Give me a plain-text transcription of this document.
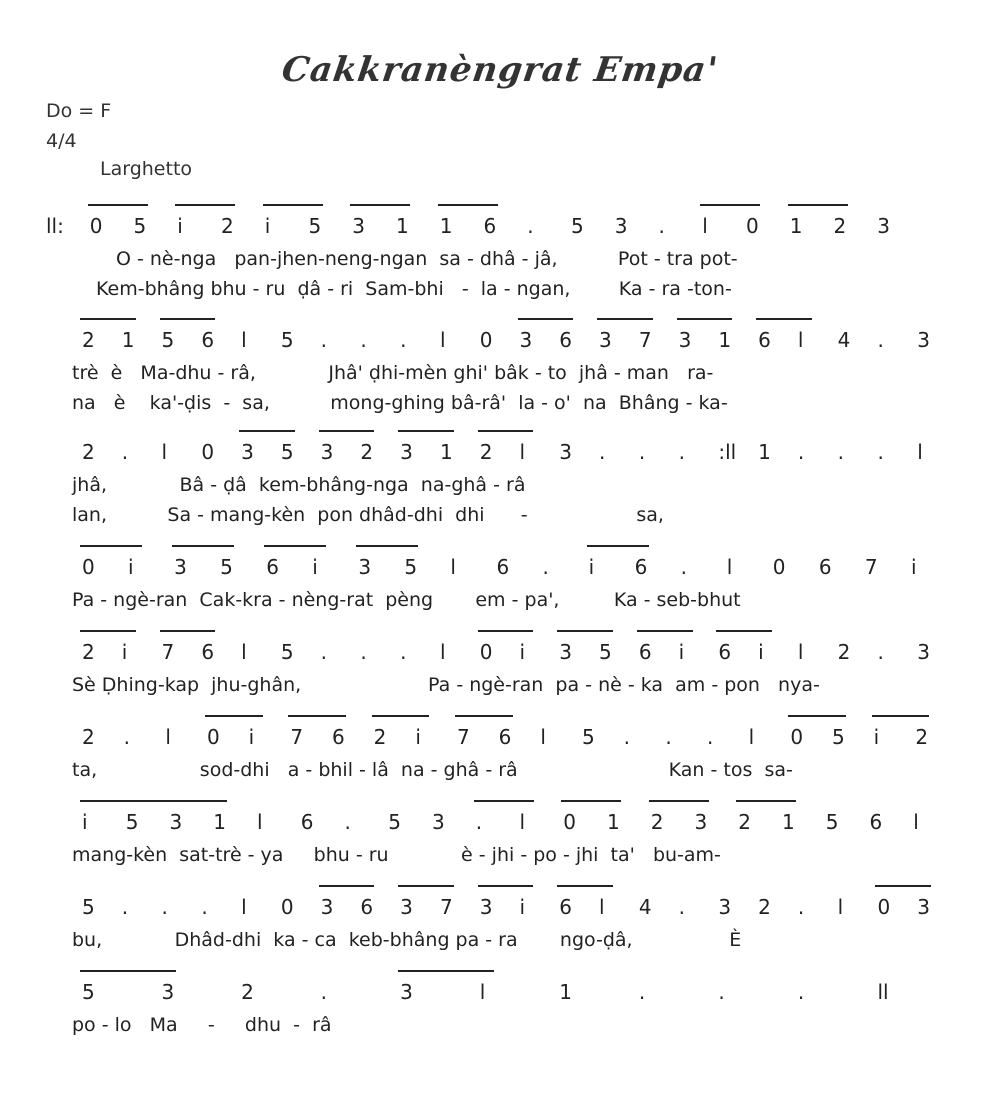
Cakkranèngrat Empa'
Do = F
4/4
Larghetto
ll: 0 5 i 2 i 5 3 1 1 6 . 5 3 . l 0 1 2 3
O - nè-nga   pan-jhen-neng-ngan  sa - dhâ - jâ,          Pot - tra pot-
Kem-bhâng bhu - ru  ḍâ - ri  Sam-bhi   -  la - ngan,        Ka - ra -ton-
2 1 5 6 l 5 . . . l 0 3 6 3 7 3 1 6 l 4 . 3
trè  è   Ma-dhu - râ,            Jhâ' ḍhi-mèn ghi' bâk - to  jhâ - man   ra-
na   è    ka'-ḍis  -  sa,          mong-ghing bâ-râ'  la - o'  na  Bhâng - ka-
2 . l 0 3 5 3 2 3 1 2 l 3 . . . :ll 1 . . . l
jhâ,            Bâ - ḍâ  kem-bhâng-nga  na-ghâ - râ
lan,          Sa - mang-kèn  pon dhâd-dhi  dhi      -                  sa,
0 i 3 5 6 i 3 5 l 6 . i 6 . l 0 6 7 i
Pa - ngè-ran  Cak-kra - nèng-rat  pèng       em - pa',         Ka - seb-bhut
2 i 7 6 l 5 . . . l 0 i 3 5 6 i 6 i l 2 . 3
Sè Ḍhing-kap  jhu-ghân,                     Pa - ngè-ran  pa - nè - ka  am - pon   nya-
2 . l 0 i 7 6 2 i 7 6 l 5 . . . l 0 5 i 2
ta,                 sod-dhi   a - bhil - lâ  na - ghâ - râ                         Kan - tos  sa-
i 5 3 1 l 6 . 5 3 . l 0 1 2 3 2 1 5 6 l
mang-kèn  sat-trè - ya     bhu - ru            è - jhi - po - jhi  ta'   bu-am-
5 . . . l 0 3 6 3 7 3 i 6 l 4 . 3 2 . l 0 3
bu,            Dhâd-dhi  ka - ca  keb-bhâng pa - ra       ngo-ḍâ,                È
5	3	2	.	3	l	1	.	.	.	ll
po - lo   Ma     -     dhu  -  râ
